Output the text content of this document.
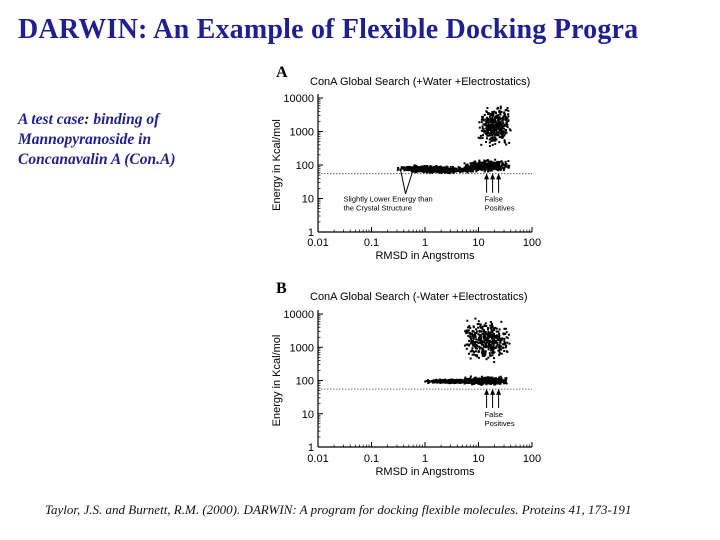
DARWIN: An Example of Flexible Docking Progra
A test case: binding of
Mannopyranoside in
Concanavalin A (Con.A)
A
B
ConA Global Search (+Water +Electrostatics)
1
10
100
1000
10000
0.01	0.1	1	10	100
RMSD in Angstroms
Energy in Kcal/mol	Slightly Lower Energy than
the Crystal Structure
False
Positives
ConA Global Search (-Water +Electrostatics)
1
10
100
1000
10000
0.01	0.1	1	10	100
RMSD in Angstroms
Energy in Kcal/mol	False
Positives
Taylor, J.S. and Burnett, R.M. (2000). DARWIN: A program for docking flexible molecules. Proteins 41, 173-191
